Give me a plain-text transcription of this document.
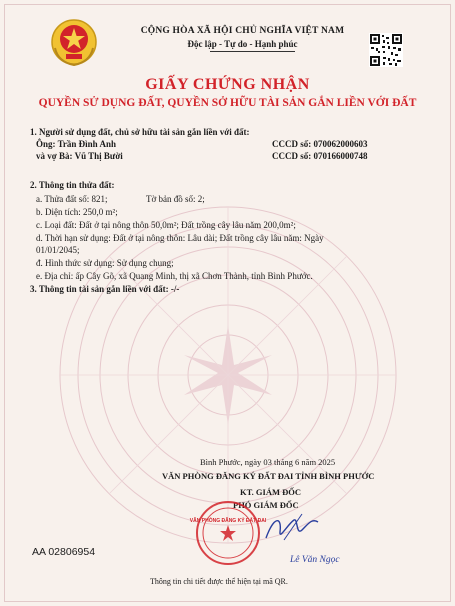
CỘNG HÒA XÃ HỘI CHỦ NGHĨA VIỆT NAM
Độc lập - Tự do - Hạnh phúc
GIẤY CHỨNG NHẬN
QUYỀN SỬ DỤNG ĐẤT, QUYỀN SỞ HỮU TÀI SẢN GẮN LIỀN VỚI ĐẤT
1. Người sử dụng đất, chủ sở hữu tài sản gắn liền với đất:
Ông: Trần Đình Anh	CCCD số: 070062000603
và vợ Bà: Vũ Thị Bười	CCCD số: 070166000748
2. Thông tin thửa đất:
a. Thửa đất số: 821;	Tờ bản đồ số: 2;
b. Diện tích: 250,0 m²;
c. Loại đất: Đất ở tại nông thôn 50,0m²; Đất trồng cây lâu năm 200,0m²;
d. Thời hạn sử dụng: Đất ở tại nông thôn: Lâu dài; Đất trồng cây lâu năm: Ngày
01/01/2045;
đ. Hình thức sử dụng: Sử dụng chung;
e. Địa chỉ: ấp Cây Gõ, xã Quang Minh, thị xã Chơn Thành, tỉnh Bình Phước.
3. Thông tin tài sản gắn liền với đất: -/-
Bình Phước, ngày 03 tháng 6 năm 2025
VĂN PHÒNG ĐĂNG KÝ ĐẤT ĐAI TỈNH BÌNH PHƯỚC
KT. GIÁM ĐỐC
PHÓ GIÁM ĐỐC
VĂN PHÒNG ĐĂNG KÝ ĐẤT ĐAI
Lê Văn Ngọc
AA 02806954
Thông tin chi tiết được thể hiện tại mã QR.
